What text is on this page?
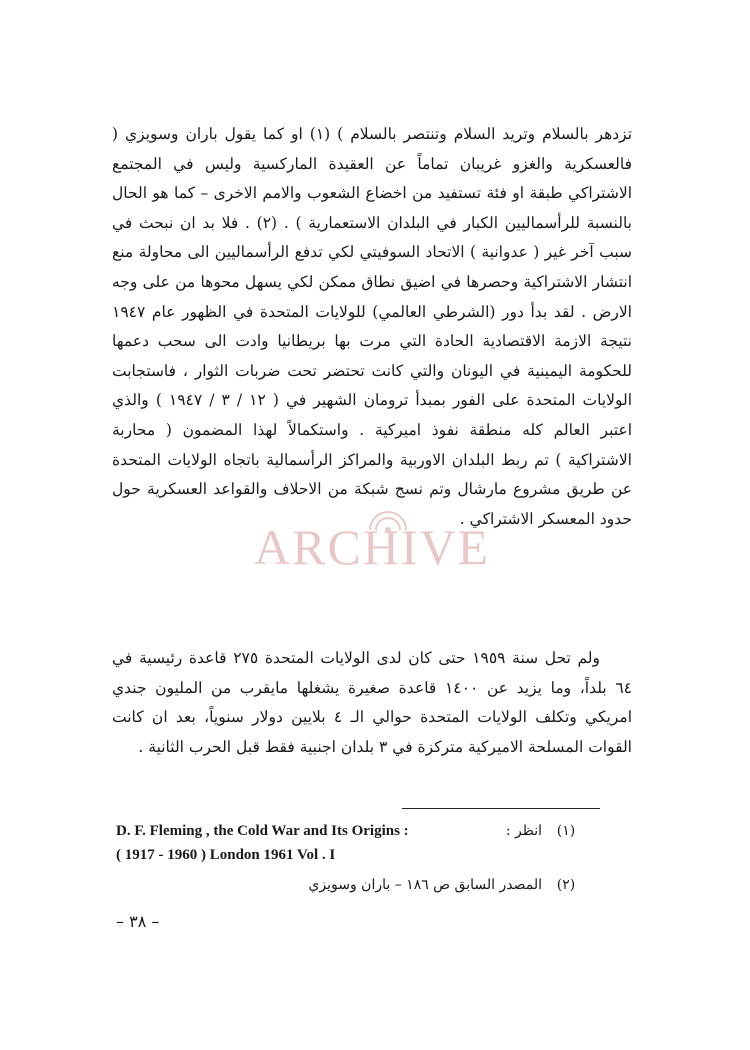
تزدهر بالسلام وتريد السلام وتنتصر بالسلام ) (١) او كما يقول باران وسويزي ( فالعسكرية والغزو غريبان تماماً عن العقيدة الماركسية وليس في المجتمع الاشتراكي طبقة او فئة تستفيد من اخضاع الشعوب والامم الاخرى – كما هو الحال بالنسبة للرأسماليين الكبار في البلدان الاستعمارية ) . (٢) . فلا بد ان نبحث في سبب آخر غير ( عدوانية ) الاتحاد السوفيتي لكي تدفع الرأسماليين الى محاولة منع انتشار الاشتراكية وحصرها في اضيق نطاق ممكن لكي يسهل محوها من على وجه الارض . لقد بدأ دور (الشرطي العالمي) للولايات المتحدة في الظهور عام ١٩٤٧ نتيجة الازمة الاقتصادية الحادة التي مرت بها بريطانيا وادت الى سحب دعمها للحكومة اليمينية في اليونان والتي كانت تحتضر تحت ضربات الثوار ، فاستجابت الولايات المتحدة على الفور بمبدأ ترومان الشهير في ( ١٢ / ٣ / ١٩٤٧ ) والذي اعتبر العالم كله منطقة نفوذ اميركية . واستكمالاً لهذا المضمون ( محاربة الاشتراكية ) تم ربط البلدان الاوربية والمراكز الرأسمالية باتجاه الولايات المتحدة عن طريق مشروع مارشال وتم نسج شبكة من الاحلاف والقواعد العسكرية حول حدود المعسكر الاشتراكي .

ولم تحل سنة ١٩٥٩ حتى كان لدى الولايات المتحدة ٢٧٥ قاعدة رئيسية في ٦٤ بلداً، وما يزيد عن ١٤٠٠ قاعدة صغيرة يشغلها مايقرب من المليون جندي امريكي وتكلف الولايات المتحدة حوالي الـ ٤ بلايين دولار سنوياً، بعد ان كانت القوات المسلحة الاميركية متركزة في ٣ بلدان اجنبية فقط قبل الحرب الثانية .

(١)
انظر :
D. F. Fleming , the Cold War and Its Origins :
( 1917 - 1960 ) London 1961 Vol . I
(٢)
المصدر السابق ص ١٨٦ – باران وسويزي
– ٣٨ –
ARCHIVE
